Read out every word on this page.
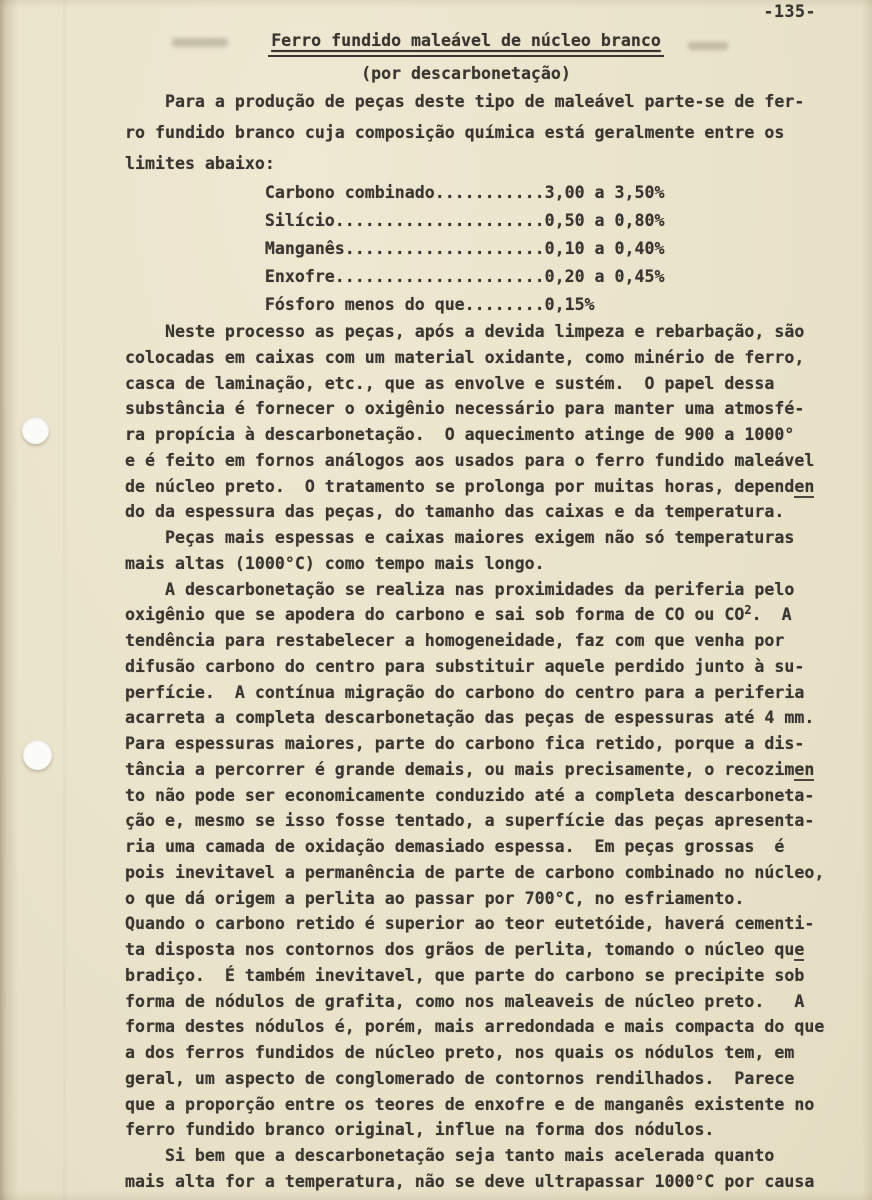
-135-
Ferro fundido maleável de núcleo branco
(por descarbonetação)
Para a produção de peças deste tipo de maleável parte-se de fer-
ro fundido branco cuja composição química está geralmente entre os
limites abaixo:
Carbono combinado...........3,00 a 3,50%
Silício.....................0,50 a 0,80%
Manganês....................0,10 a 0,40%
Enxofre.....................0,20 a 0,45%
Fósforo menos do que........0,15%
Neste processo as peças, após a devida limpeza e rebarbação, são
colocadas em caixas com um material oxidante, como minério de ferro,
casca de laminação, etc., que as envolve e sustém.  O papel dessa
substância é fornecer o oxigênio necessário para manter uma atmosfé-
ra propícia à descarbonetação.  O aquecimento atinge de 900 a 1000°
e é feito em fornos análogos aos usados para o ferro fundido maleável
de núcleo preto.  O tratamento se prolonga por muitas horas, dependen
do da espessura das peças, do tamanho das caixas e da temperatura.
Peças mais espessas e caixas maiores exigem não só temperaturas
mais altas (1000°C) como tempo mais longo.
A descarbonetação se realiza nas proximidades da periferia pelo
oxigênio que se apodera do carbono e sai sob forma de CO ou $CO^2$.  A
tendência para restabelecer a homogeneidade, faz com que venha por
difusão carbono do centro para substituir aquele perdido junto à su-
perfície.  A contínua migração do carbono do centro para a periferia
acarreta a completa descarbonetação das peças de espessuras até 4 mm.
Para espessuras maiores, parte do carbono fica retido, porque a dis-
tância a percorrer é grande demais, ou mais precisamente, o recozimen
to não pode ser economicamente conduzido até a completa descarboneta-
ção e, mesmo se isso fosse tentado, a superfície das peças apresenta-
ria uma camada de oxidação demasiado espessa.  Em peças grossas  é
pois inevitavel a permanência de parte de carbono combinado no núcleo,
o que dá origem a perlita ao passar por 700°C, no esfriamento.
Quando o carbono retido é superior ao teor eutetóide, haverá cementi-
ta disposta nos contornos dos grãos de perlita, tomando o núcleo que
bradiço.  É também inevitavel, que parte do carbono se precipite sob
forma de nódulos de grafita, como nos maleaveis de núcleo preto.   A
forma destes nódulos é, porém, mais arredondada e mais compacta do que
a dos ferros fundidos de núcleo preto, nos quais os nódulos tem, em
geral, um aspecto de conglomerado de contornos rendilhados.  Parece
que a proporção entre os teores de enxofre e de manganês existente no
ferro fundido branco original, influe na forma dos nódulos.
Si bem que a descarbonetação seja tanto mais acelerada quanto
mais alta for a temperatura, não se deve ultrapassar 1000°C por causa
